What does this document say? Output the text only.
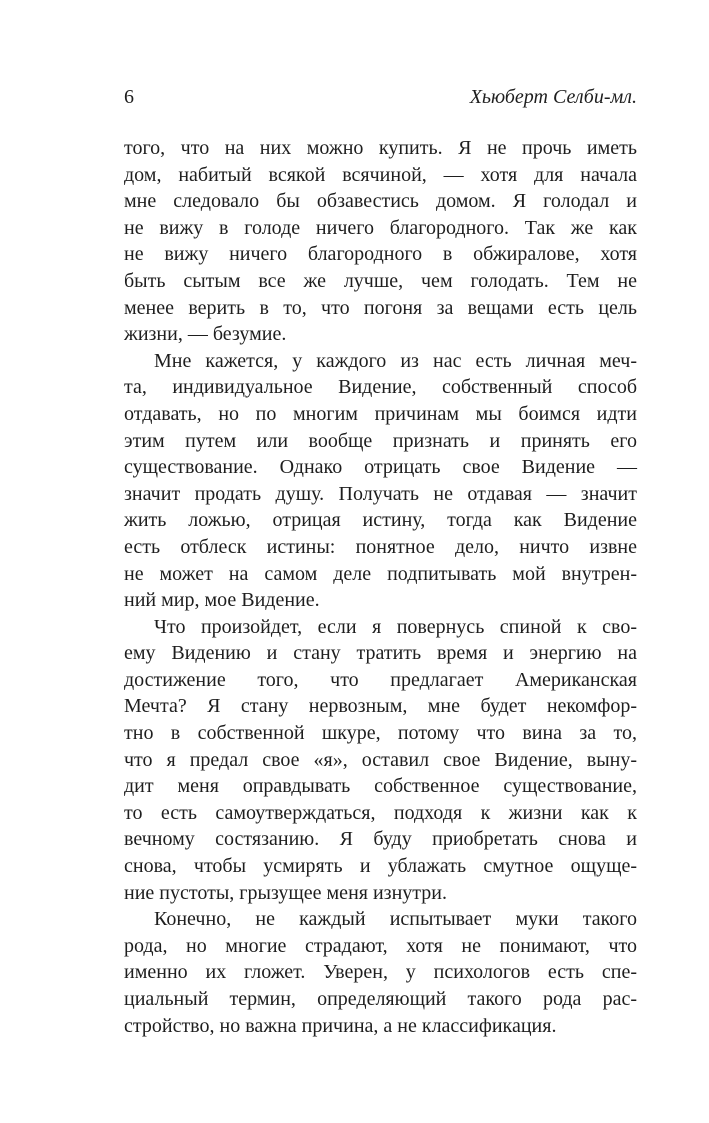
6	Хьюберт Селби-мл.
того, что на них можно купить. Я не прочь иметь
дом, набитый всякой всячиной, — хотя для начала
мне следовало бы обзавестись домом. Я голодал и
не вижу в голоде ничего благородного. Так же как
не вижу ничего благородного в обжиралове, хотя
быть сытым все же лучше, чем голодать. Тем не
менее верить в то, что погоня за вещами есть цель
жизни, — безумие.
Мне кажется, у каждого из нас есть личная меч-
та, индивидуальное Видение, собственный способ
отдавать, но по многим причинам мы боимся идти
этим путем или вообще признать и принять его
существование. Однако отрицать свое Видение —
значит продать душу. Получать не отдавая — значит
жить ложью, отрицая истину, тогда как Видение
есть отблеск истины: понятное дело, ничто извне
не может на самом деле подпитывать мой внутрен-
ний мир, мое Видение.
Что произойдет, если я повернусь спиной к сво-
ему Видению и стану тратить время и энергию на
достижение того, что предлагает Американская
Мечта? Я стану нервозным, мне будет некомфор-
тно в собственной шкуре, потому что вина за то,
что я предал свое «я», оставил свое Видение, выну-
дит меня оправдывать собственное существование,
то есть самоутверждаться, подходя к жизни как к
вечному состязанию. Я буду приобретать снова и
снова, чтобы усмирять и ублажать смутное ощуще-
ние пустоты, грызущее меня изнутри.
Конечно, не каждый испытывает муки такого
рода, но многие страдают, хотя не понимают, что
именно их гложет. Уверен, у психологов есть спе-
циальный термин, определяющий такого рода рас-
стройство, но важна причина, а не классификация.
